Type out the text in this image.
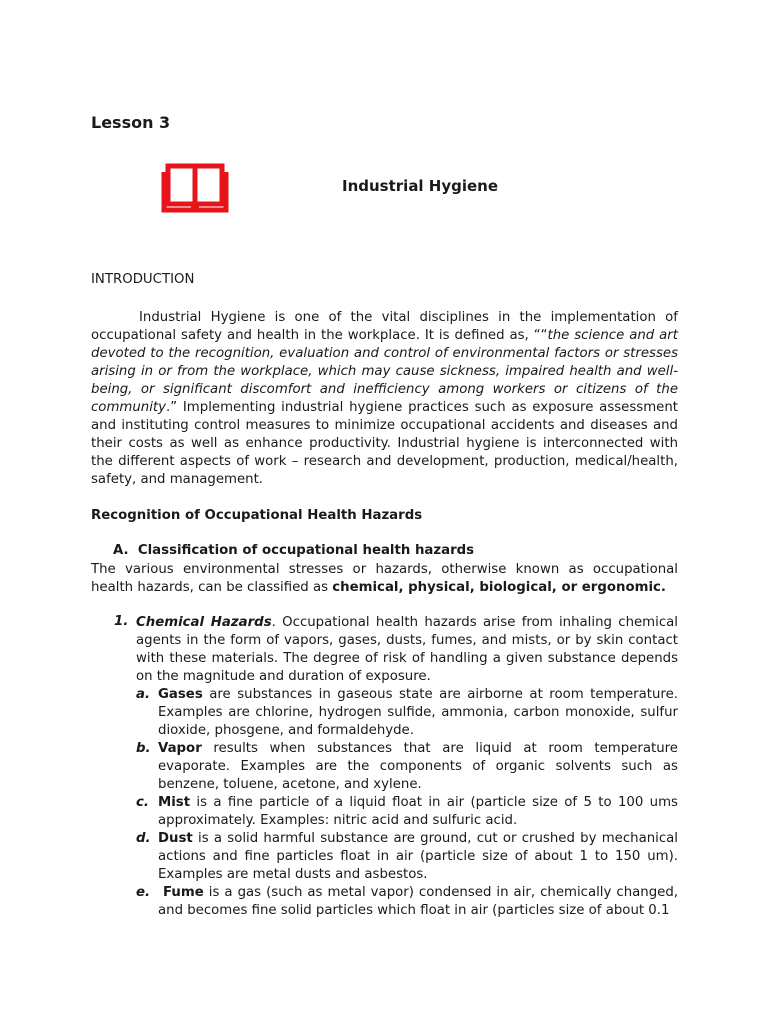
Lesson 3
Industrial Hygiene
INTRODUCTION
Industrial Hygiene is one of the vital disciplines in the implementation of occupational safety and health in the workplace. It is defined as, ““the science and art devoted to the recognition, evaluation and control of environmental factors or stresses arising in or from the workplace, which may cause sickness, impaired health and well-being, or significant discomfort and inefficiency among workers or citizens of the community.” Implementing industrial hygiene practices such as exposure assessment and instituting control measures to minimize occupational accidents and diseases and their costs as well as enhance productivity. Industrial hygiene is interconnected with the different aspects of work – research and development, production, medical/health, safety, and management.
Recognition of Occupational Health Hazards
A. Classification of occupational health hazards
The various environmental stresses or hazards, otherwise known as occupational health hazards, can be classified as chemical, physical, biological, or ergonomic.
1. Chemical Hazards. Occupational health hazards arise from inhaling chemical agents in the form of vapors, gases, dusts, fumes, and mists, or by skin contact with these materials. The degree of risk of handling a given substance depends on the magnitude and duration of exposure.
a. Gases are substances in gaseous state are airborne at room temperature. Examples are chlorine, hydrogen sulfide, ammonia, carbon monoxide, sulfur dioxide, phosgene, and formaldehyde.
b. Vapor results when substances that are liquid at room temperature evaporate. Examples are the components of organic solvents such as benzene, toluene, acetone, and xylene.
c. Mist is a fine particle of a liquid float in air (particle size of 5 to 100 ums approximately. Examples: nitric acid and sulfuric acid.
d. Dust is a solid harmful substance are ground, cut or crushed by mechanical actions and fine particles float in air (particle size of about 1 to 150 um). Examples are metal dusts and asbestos.
e. Fume is a gas (such as metal vapor) condensed in air, chemically changed, and becomes fine solid particles which float in air (particles size of about 0.1
